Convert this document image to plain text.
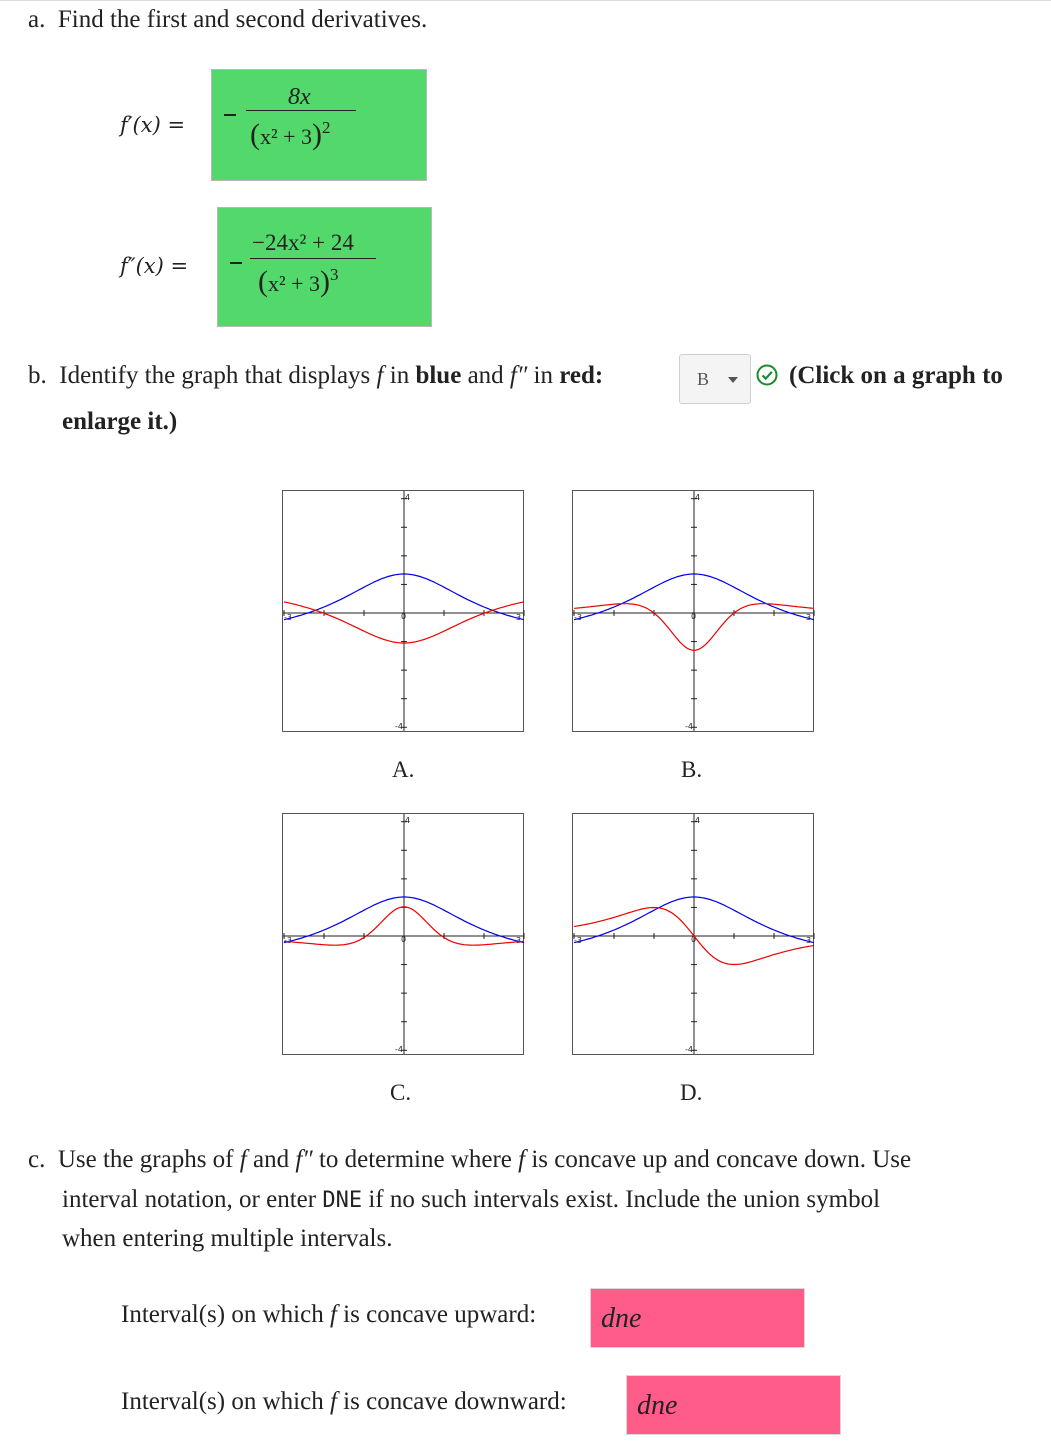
a. Find the first and second derivatives.
f′(x) =
8x
$(x^2 + 3)^2$
f″(x) =
−24x² + 24
$(x^2 + 3)^3$
b. Identify the graph that displays f in blue and f″ in red:	B	(Click on a graph to
enlarge it.)
-3	3
4
-4
0
A.
-3	3
4
-4
0
B.
-3	3
4
-4
0
C.
-3	3
4
-4
0
D.
c. Use the graphs of f and f″ to determine where f is concave up and concave down. Use
interval notation, or enter DNE if no such intervals exist. Include the union symbol
when entering multiple intervals.
Interval(s) on which f is concave upward:	dne
Interval(s) on which f is concave downward:	dne
